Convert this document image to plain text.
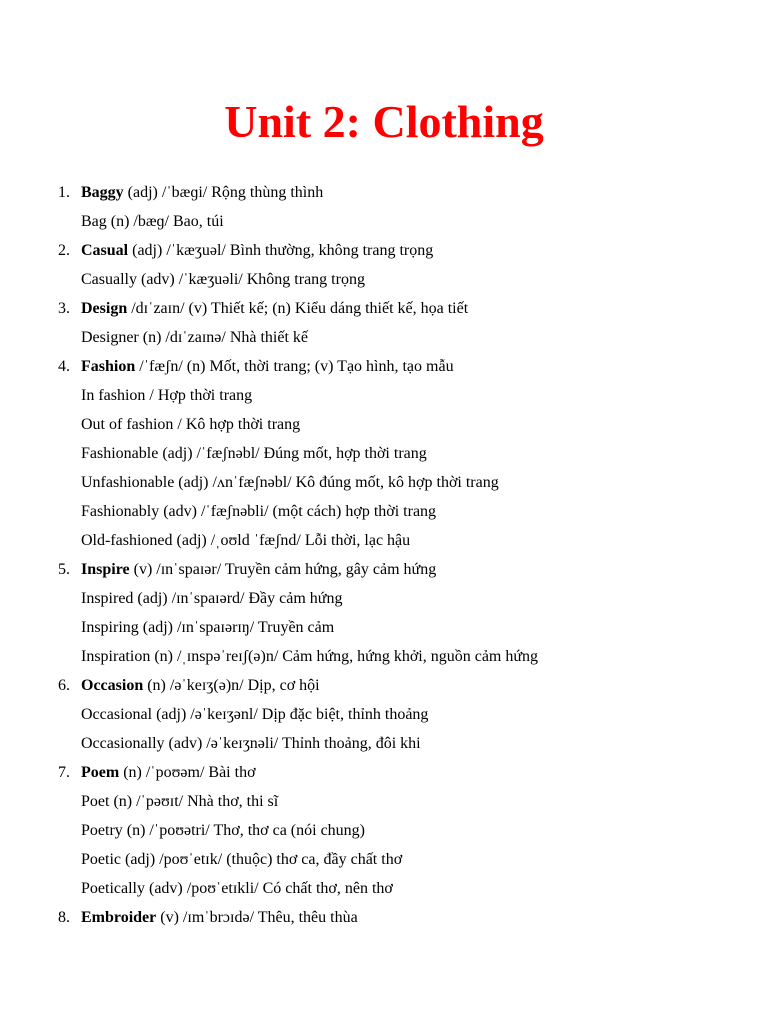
Unit 2: Clothing
1. Baggy (adj) /ˈbæɡi/ Rộng thùng thình
Bag (n) /bæɡ/ Bao, túi
2. Casual (adj) /ˈkæʒuəl/ Bình thường, không trang trọng
Casually (adv) /ˈkæʒuəli/ Không trang trọng
3. Design /dɪˈzaɪn/ (v) Thiết kế; (n) Kiểu dáng thiết kế, họa tiết
Designer (n) /dɪˈzaɪnə/ Nhà thiết kế
4. Fashion /ˈfæʃn/ (n) Mốt, thời trang; (v) Tạo hình, tạo mẫu
In fashion / Hợp thời trang
Out of fashion / Kô hợp thời trang
Fashionable (adj) /ˈfæʃnəbl/ Đúng mốt, hợp thời trang
Unfashionable (adj) /ʌnˈfæʃnəbl/ Kô đúng mốt, kô hợp thời trang
Fashionably (adv) /ˈfæʃnəbli/ (một cách) hợp thời trang
Old-fashioned (adj) /ˌoʊld ˈfæʃnd/ Lỗi thời, lạc hậu
5. Inspire (v) /ɪnˈspaɪər/ Truyền cảm hứng, gây cảm hứng
Inspired (adj) /ɪnˈspaɪərd/ Đầy cảm hứng
Inspiring (adj) /ɪnˈspaɪərɪŋ/ Truyền cảm
Inspiration (n) /ˌɪnspəˈreɪʃ(ə)n/ Cảm hứng, hứng khởi, nguồn cảm hứng
6. Occasion (n) /əˈkeɪʒ(ə)n/ Dịp, cơ hội
Occasional (adj) /əˈkeɪʒənl/ Dịp đặc biệt, thỉnh thoảng
Occasionally (adv) /əˈkeɪʒnəli/ Thỉnh thoảng, đôi khi
7. Poem (n) /ˈpoʊəm/ Bài thơ
Poet (n) /ˈpəʊɪt/ Nhà thơ, thi sĩ
Poetry (n) /ˈpoʊətri/ Thơ, thơ ca (nói chung)
Poetic (adj) /poʊˈetɪk/ (thuộc) thơ ca, đầy chất thơ
Poetically (adv) /poʊˈetɪkli/ Có chất thơ, nên thơ
8. Embroider (v) /ɪmˈbrɔɪdə/ Thêu, thêu thùa
